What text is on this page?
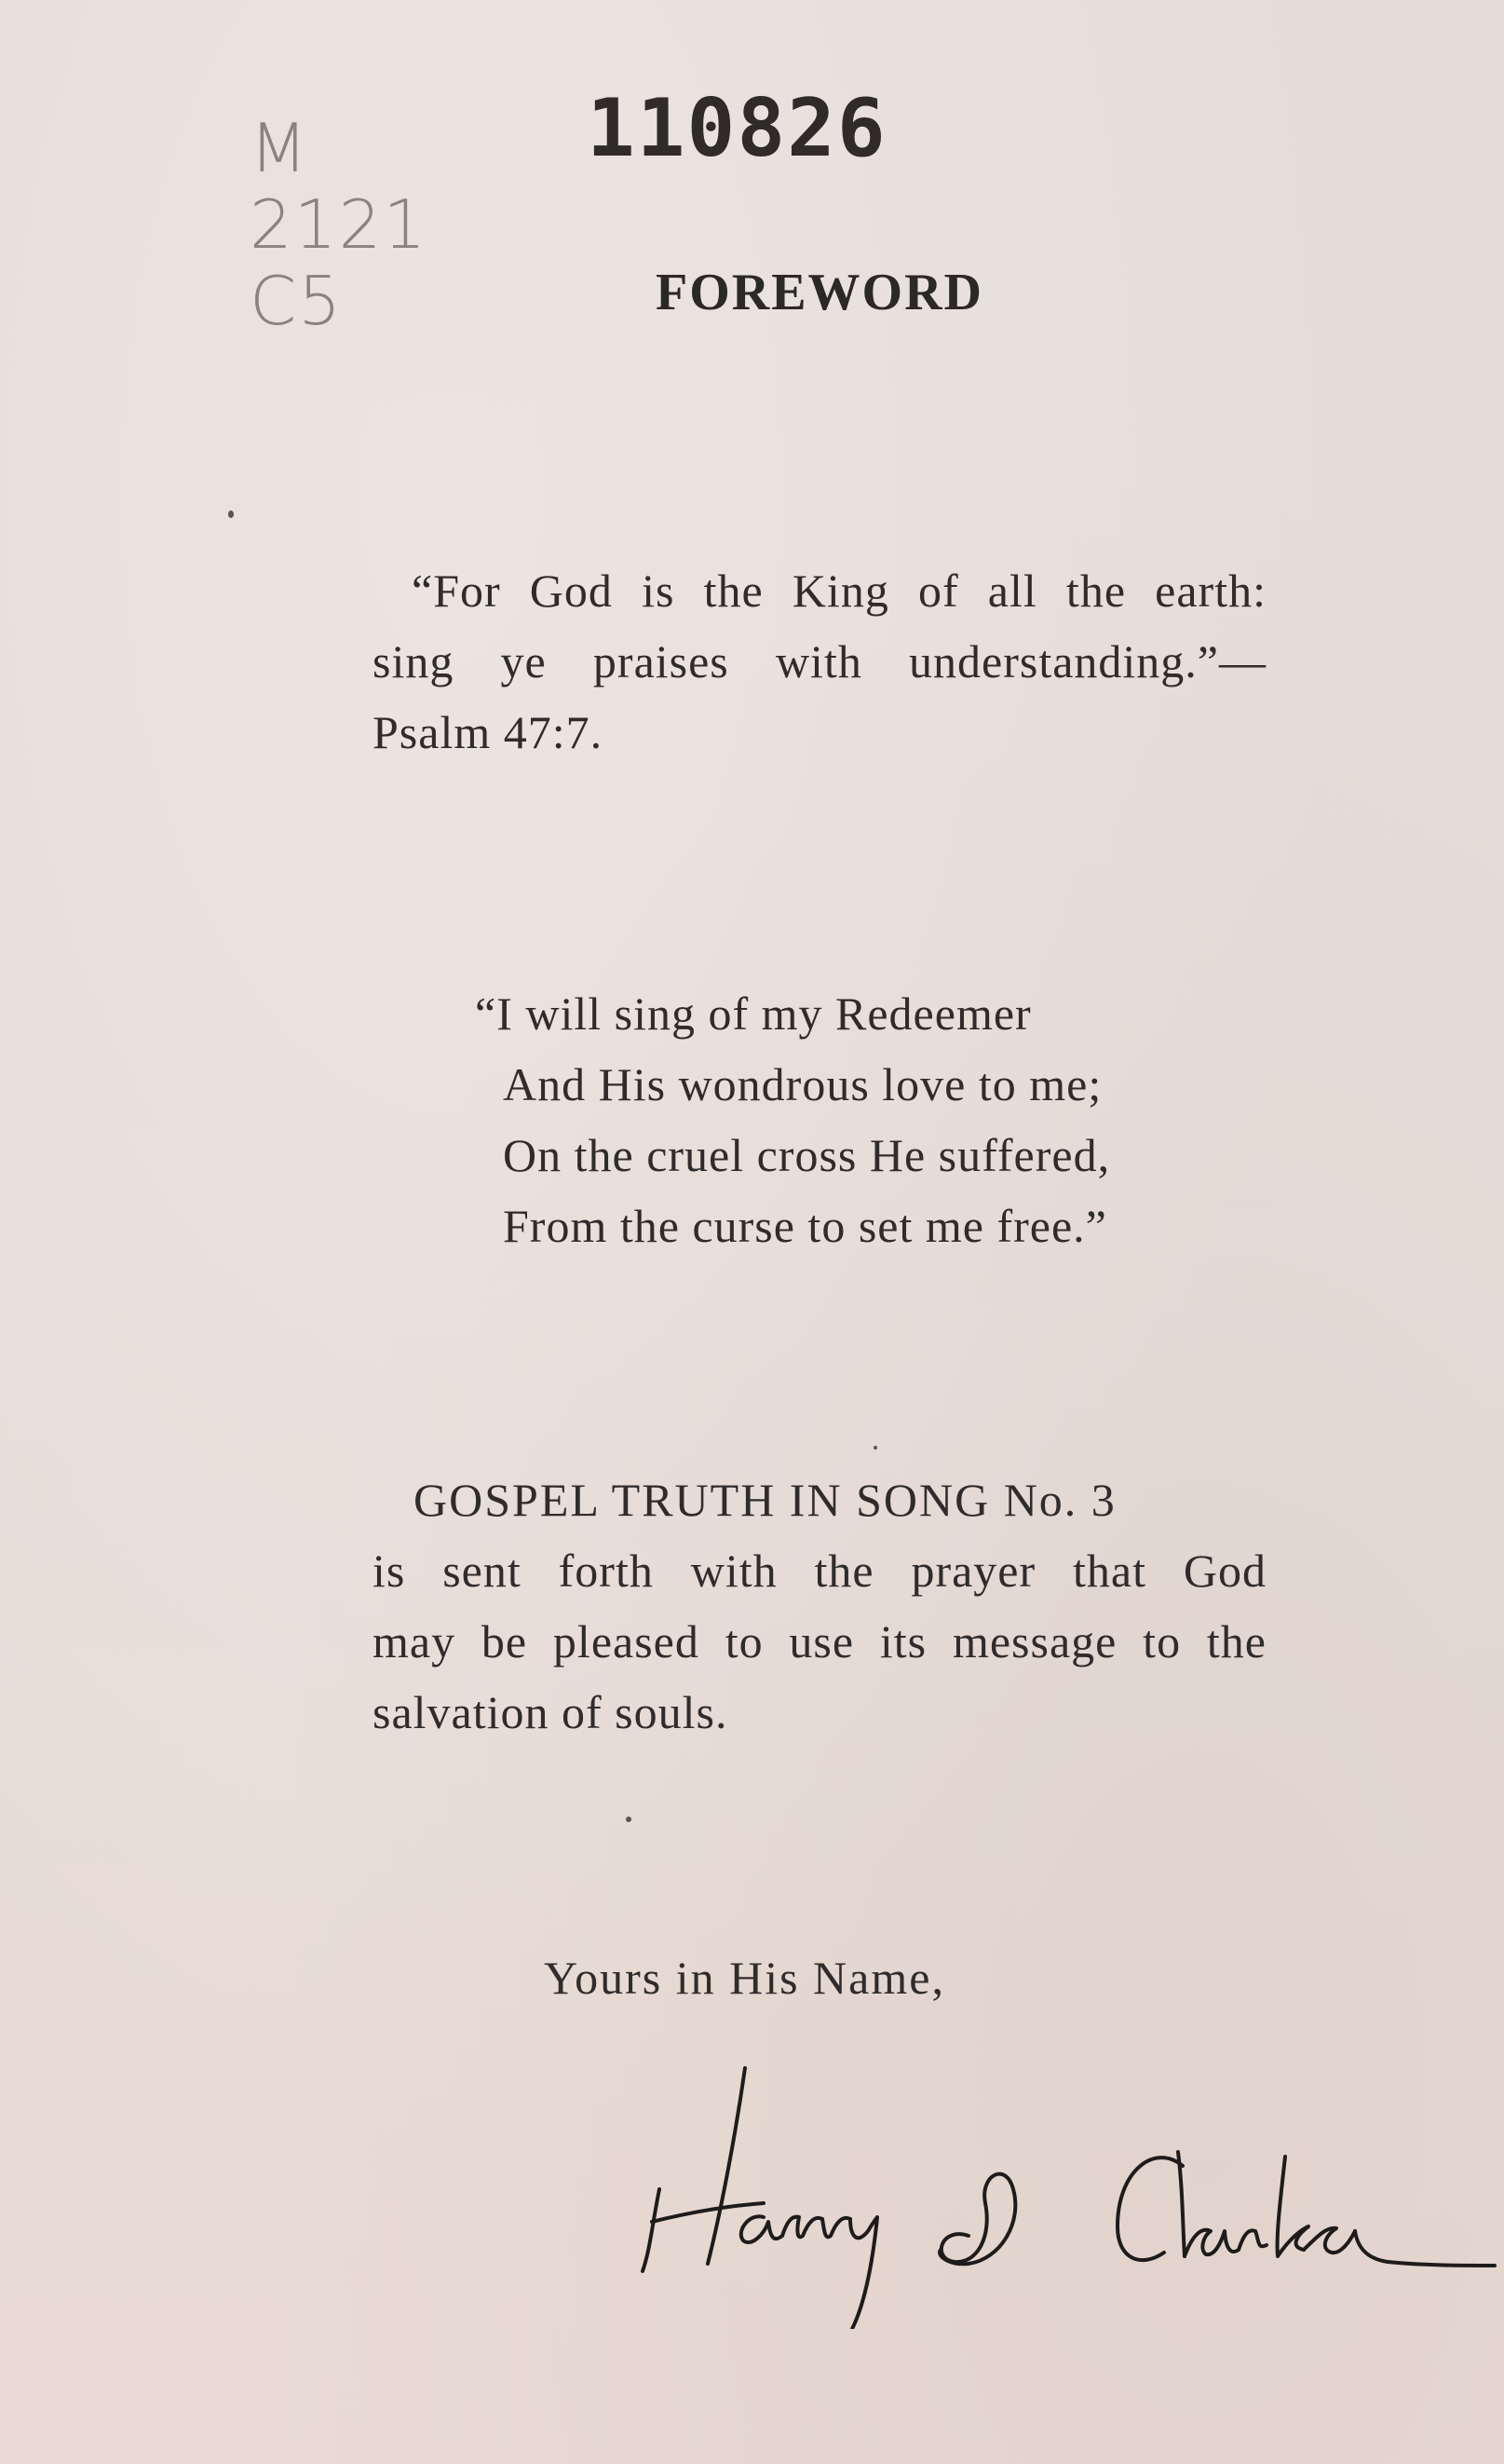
M
2121
C5
110826
FOREWORD
“For God is the King of all the earth:
sing ye praises with understanding.”—
Psalm 47:7.
“I will sing of my Redeemer
And His wondrous love to me;
On the cruel cross He suffered,
From the curse to set me free.”
GOSPEL TRUTH IN SONG No. 3
is sent forth with the prayer that God
may be pleased to use its message to the
salvation of souls.
Yours in His Name,
